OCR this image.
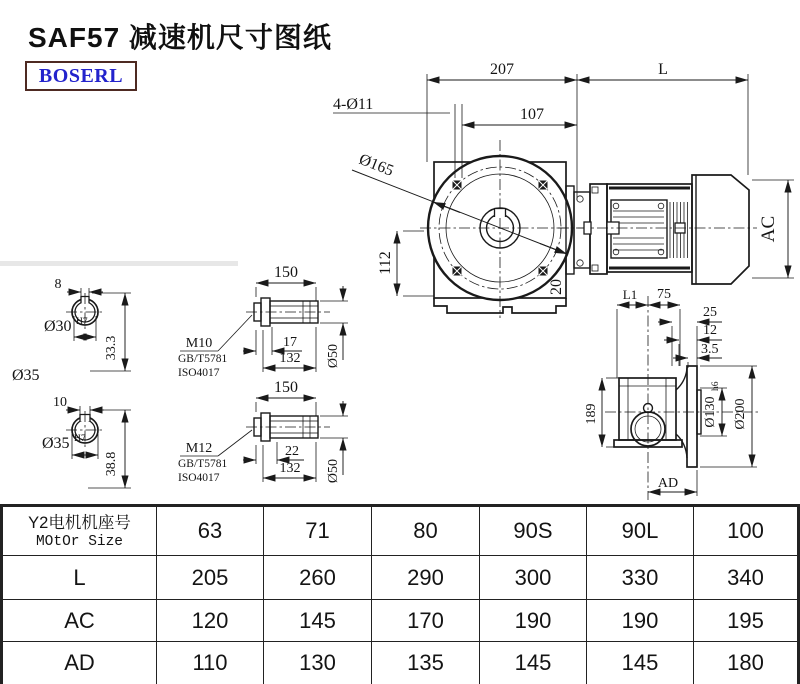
SAF57 减速机尺寸图纸
BOSERL	207	L
107
4-Ø11
Ø165
112
20
AC
189
L1 75
25
12
3.5
Ø130
h6
Ø200
AD
8
33.3
Ø30 H7
Ø35
10
38.8
Ø35 H7
150
17
132 Ø50
M10
GB/T5781
ISO4017
150
22
132 Ø50
M12
GB/T5781
ISO4017
Y2电机机座号
MOtOr Size	63	71	80	90S	90L	100
L	205	260	290	300	330	340
AC	120	145	170	190	190	195
AD	110	130	135	145	145	180
